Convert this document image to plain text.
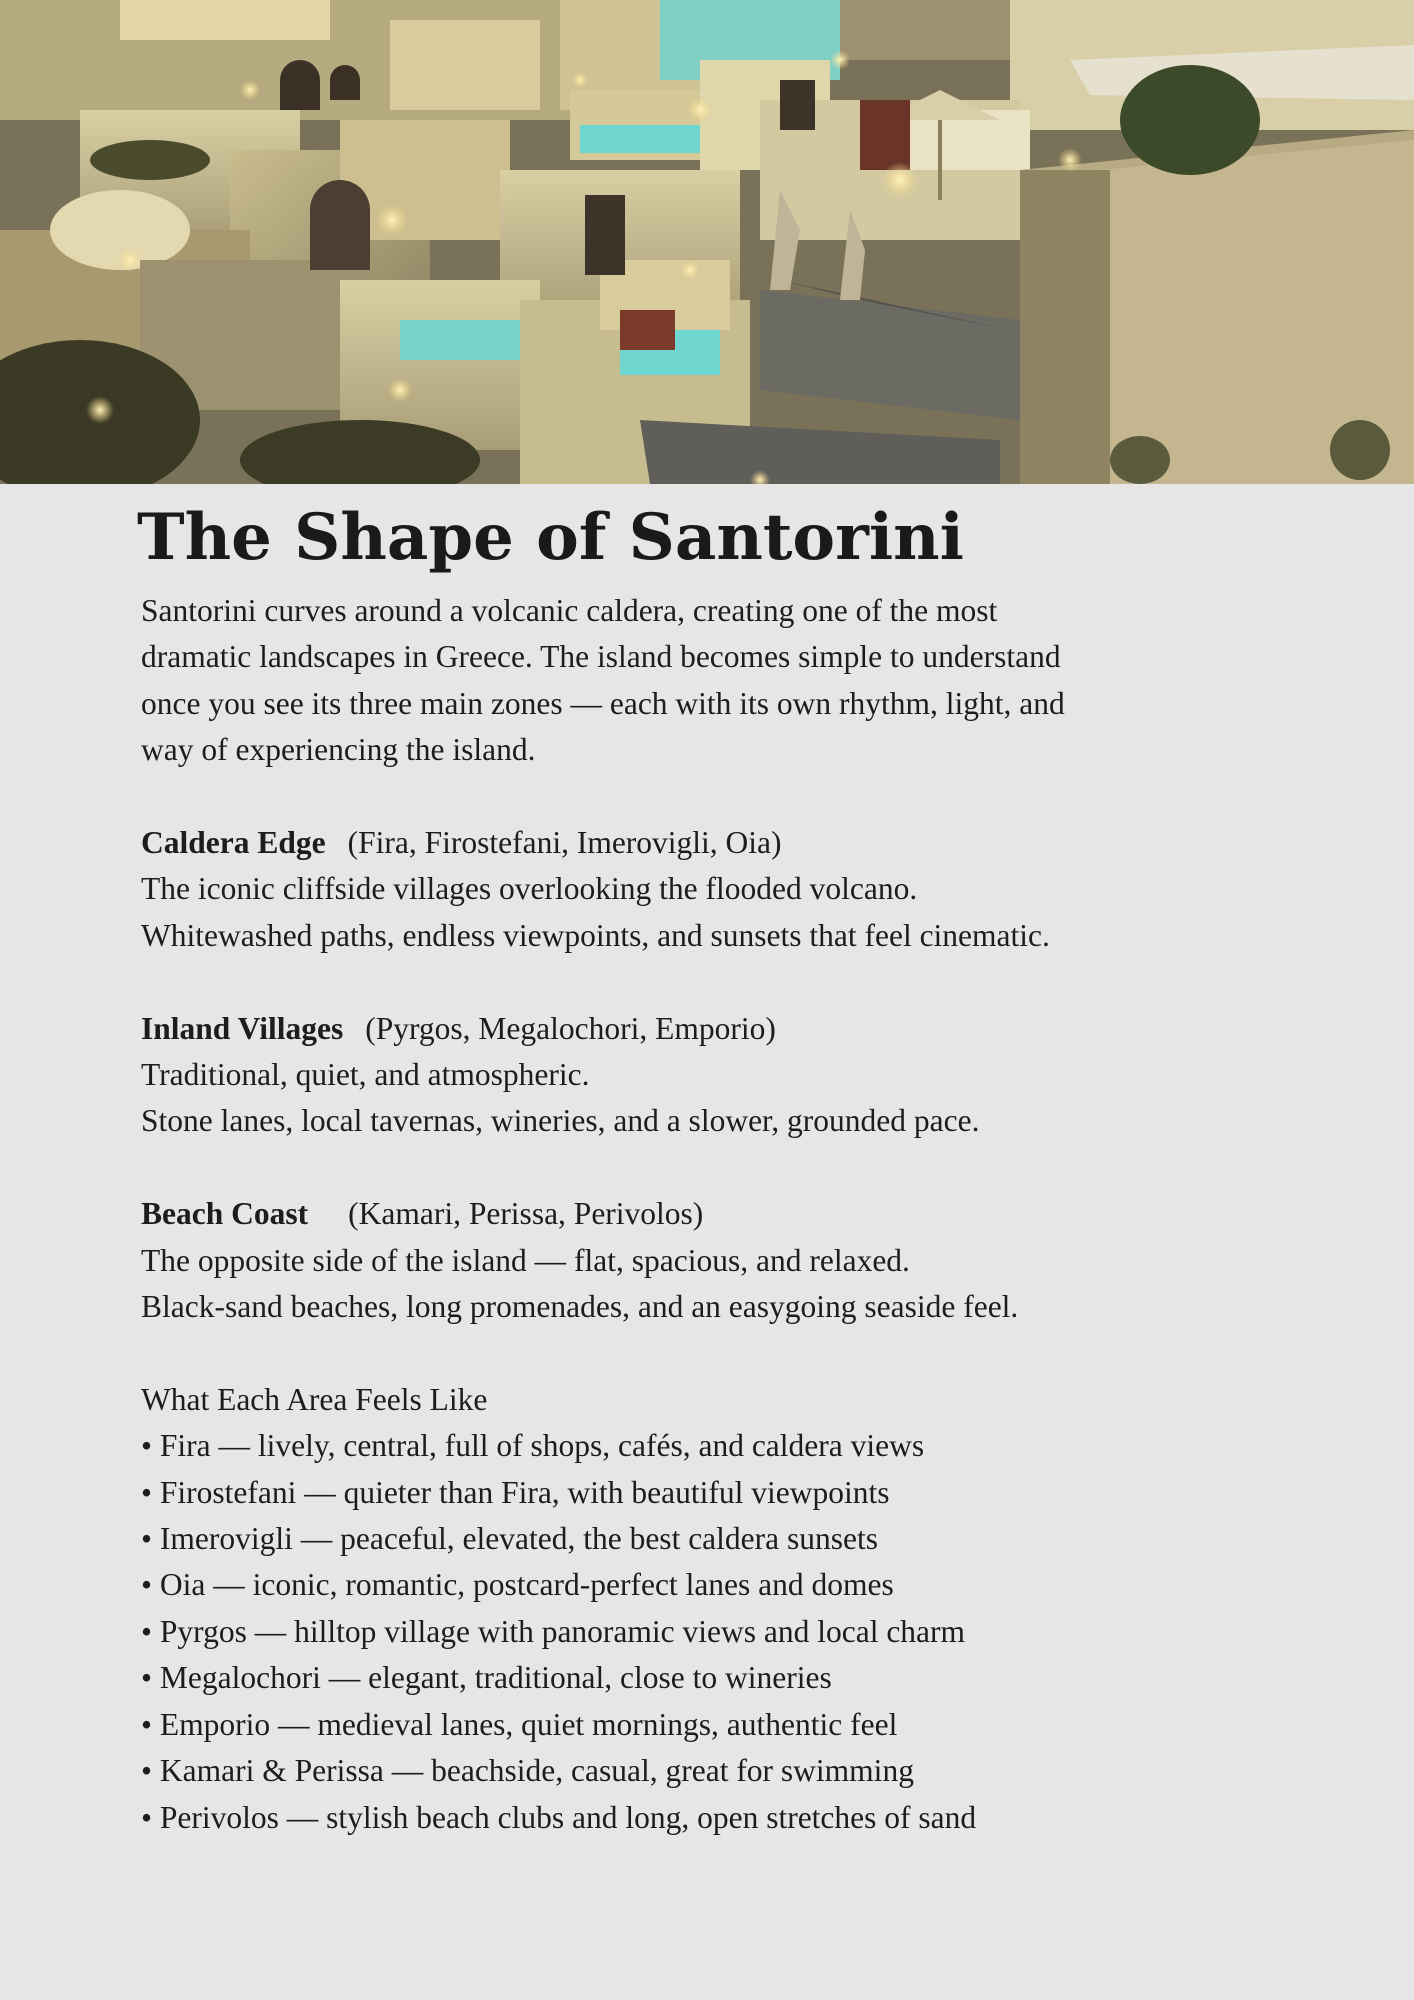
The Shape of Santorini

Santorini curves around a volcanic caldera, creating one of the most
dramatic landscapes in Greece. The island becomes simple to understand
once you see its three main zones — each with its own rhythm, light, and
way of experiencing the island.

Caldera Edge (Fira, Firostefani, Imerovigli, Oia)
The iconic cliffside villages overlooking the flooded volcano.
Whitewashed paths, endless viewpoints, and sunsets that feel cinematic.
Inland Villages (Pyrgos, Megalochori, Emporio)
Traditional, quiet, and atmospheric.
Stone lanes, local tavernas, wineries, and a slower, grounded pace.
Beach Coast (Kamari, Perissa, Perivolos)
The opposite side of the island — flat, spacious, and relaxed.
Black-sand beaches, long promenades, and an easygoing seaside feel.
What Each Area Feels Like
• Fira — lively, central, full of shops, cafés, and caldera views
• Firostefani — quieter than Fira, with beautiful viewpoints
• Imerovigli — peaceful, elevated, the best caldera sunsets
• Oia — iconic, romantic, postcard-perfect lanes and domes
• Pyrgos — hilltop village with panoramic views and local charm
• Megalochori — elegant, traditional, close to wineries
• Emporio — medieval lanes, quiet mornings, authentic feel
• Kamari & Perissa — beachside, casual, great for swimming
• Perivolos — stylish beach clubs and long, open stretches of sand
